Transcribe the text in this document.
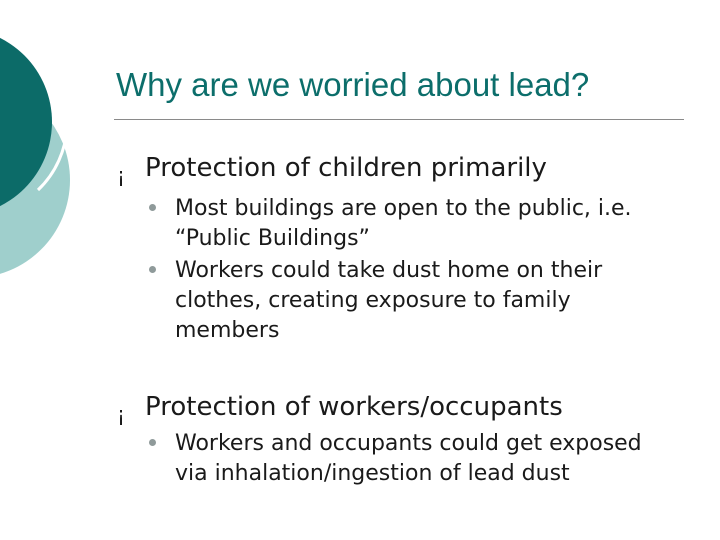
Why are we worried about lead?
¡ Protection of children primarily
Most buildings are open to the public, i.e. “Public Buildings”
Workers could take dust home on their clothes, creating exposure to family members
¡ Protection of workers/occupants
Workers and occupants could get exposed via inhalation/ingestion of lead dust
